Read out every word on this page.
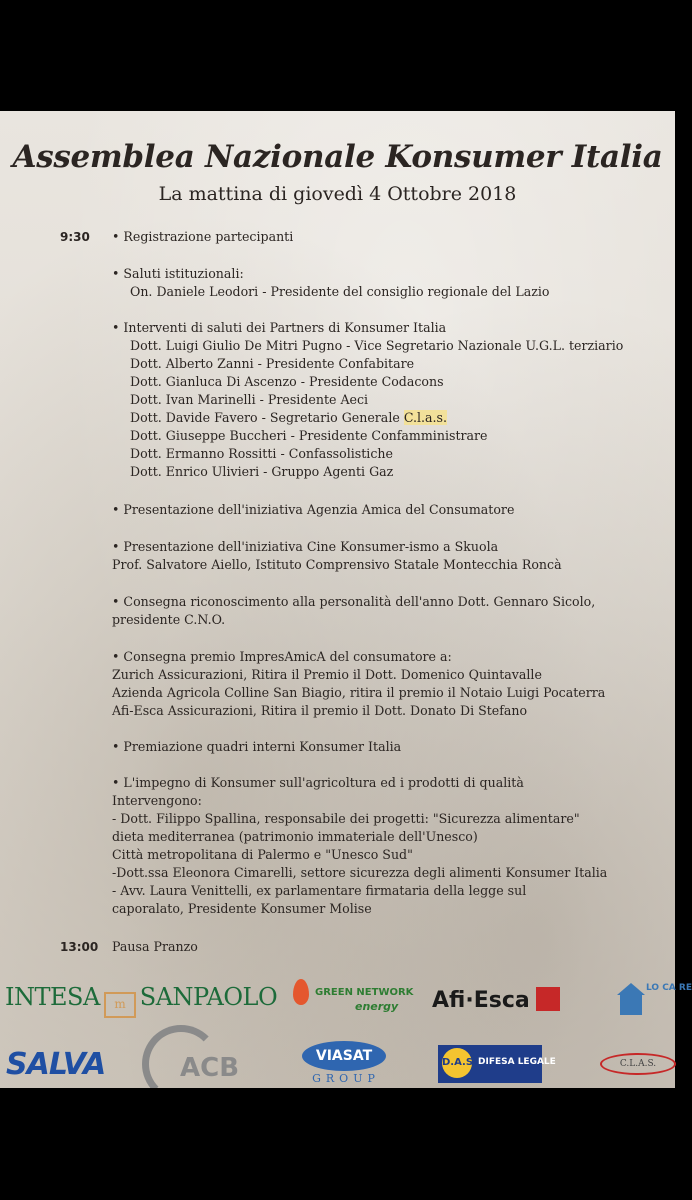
Assemblea Nazionale Konsumer Italia
La mattina di giovedì 4 Ottobre 2018
9:30 • Registrazione partecipanti
• Saluti istituzionali:
On. Daniele Leodori - Presidente del consiglio regionale del Lazio
• Interventi di saluti dei Partners di Konsumer Italia
Dott. Luigi Giulio De Mitri Pugno - Vice Segretario Nazionale U.G.L. terziario
Dott. Alberto Zanni - Presidente Confabitare
Dott. Gianluca Di Ascenzo - Presidente Codacons
Dott. Ivan Marinelli - Presidente Aeci
Dott. Davide Favero - Segretario Generale C.l.a.s.
Dott. Giuseppe Buccheri - Presidente Confamministrare
Dott. Ermanno Rossitti - Confassolistiche
Dott. Enrico Ulivieri - Gruppo Agenti Gaz
• Presentazione dell'iniziativa Agenzia Amica del Consumatore
• Presentazione dell'iniziativa Cine Konsumer-ismo a Skuola
Prof. Salvatore Aiello, Istituto Comprensivo Statale Montecchia Roncà
• Consegna riconoscimento alla personalità dell'anno Dott. Gennaro Sicolo,
presidente C.N.O.
• Consegna premio ImpresAmicA del consumatore a:
Zurich Assicurazioni, Ritira il Premio il Dott. Domenico Quintavalle
Azienda Agricola Colline San Biagio, ritira il premio il Notaio Luigi Pocaterra
Afi-Esca Assicurazioni, Ritira il premio il Dott. Donato Di Stefano
• Premiazione quadri interni Konsumer Italia
• L'impegno di Konsumer sull'agricoltura ed i prodotti di qualità
Intervengono:
- Dott. Filippo Spallina, responsabile dei progetti: "Sicurezza alimentare"
dieta mediterranea (patrimonio immateriale dell'Unesco)
Città metropolitana di Palermo e "Unesco Sud"
-Dott.ssa Eleonora Cimarelli, settore sicurezza degli alimenti Konsumer Italia
- Avv. Laura Venittelli, ex parlamentare firmataria della legge sul
caporalato, Presidente Konsumer Molise
13:00 Pausa Pranzo
INTESA m SANPAOLO	GREEN NETWORK
energy Afi·Esca	LO CA RE
SALVA	ACB	VIASAT
GROUP
D.A.S. DIFESA LEGALE	C.L.A.S.
